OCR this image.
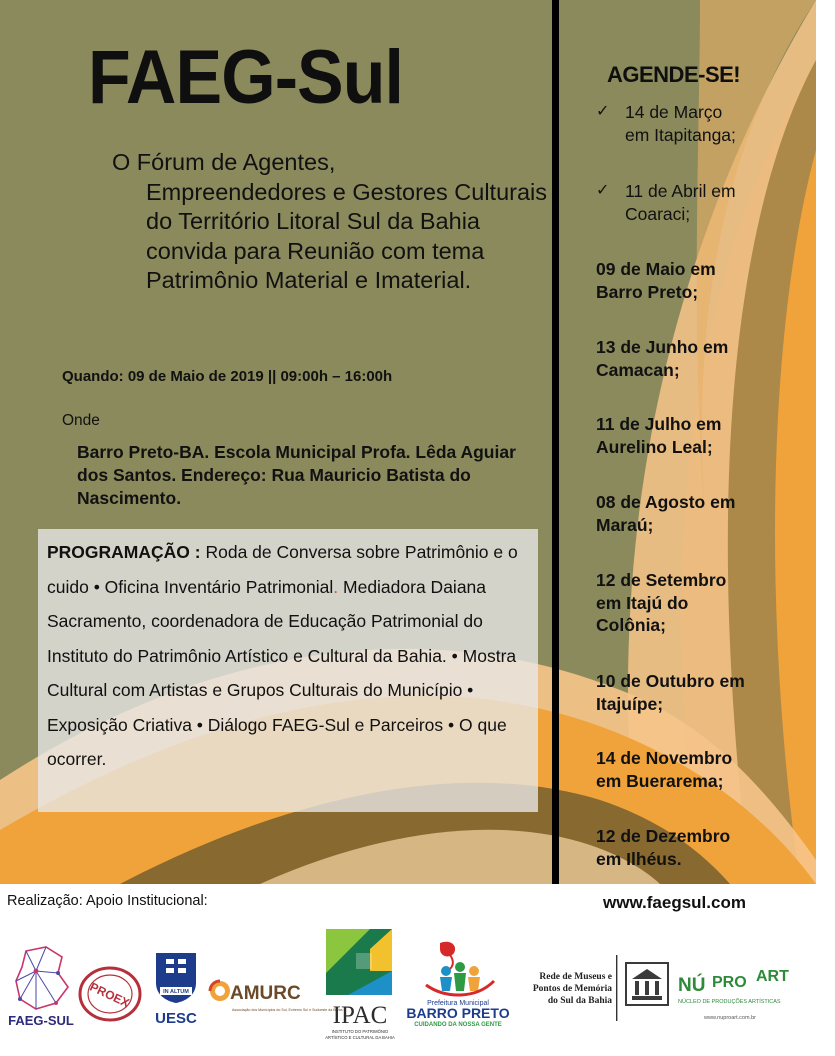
FAEG-Sul
O Fórum de Agentes,
Empreendedores e Gestores Culturais do Território Litoral Sul da Bahia convida para Reunião com tema Patrimônio Material e Imaterial.
Quando: 09 de Maio de 2019 || 09:00h – 16:00h
Onde
Barro Preto-BA. Escola Municipal Profa. Lêda Aguiar dos Santos. Endereço: Rua Mauricio Batista do Nascimento.
PROGRAMAÇÃO : Roda de Conversa sobre Patrimônio e o cuido • Oficina Inventário Patrimonial. Mediadora Daiana Sacramento, coordenadora de Educação Patrimonial do Instituto do Patrimônio Artístico e Cultural da Bahia. • Mostra Cultural com Artistas e Grupos Culturais do Município • Exposição Criativa • Diálogo FAEG-Sul e Parceiros • O que ocorrer.
AGENDE-SE!
✓ 14 de Março
em Itapitanga;
✓ 11 de Abril em
Coaraci;
09 de Maio em
Barro Preto;
13 de Junho em
Camacan;
11 de Julho em
Aurelino Leal;
08 de Agosto em
Maraú;
12 de Setembro
em Itajú do
Colônia;
10 de Outubro em
Itajuípe;
14 de Novembro
em Buerarema;
12 de Dezembro
em Ilhéus.
Realização: Apoio Institucional:	www.faegsul.com
FAEG-SUL
PROEX	IN ALTUM
UESC
AMURC
Associação dos Municípios do Sul, Extremo Sul e Sudoeste da Bahia
IPAC
INSTITUTO DO PATRIMÔNIO
ARTÍSTICO E CULTURAL DA BAHIA
Prefeitura Municipal
BARRO PRETO
CUIDANDO DA NOSSA GENTE
Rede de Museus e
Pontos de Memória
do Sul da Bahia
NÚ PRO ART
NÚCLEO DE PRODUÇÕES ARTÍSTICAS
www.nuproart.com.br
